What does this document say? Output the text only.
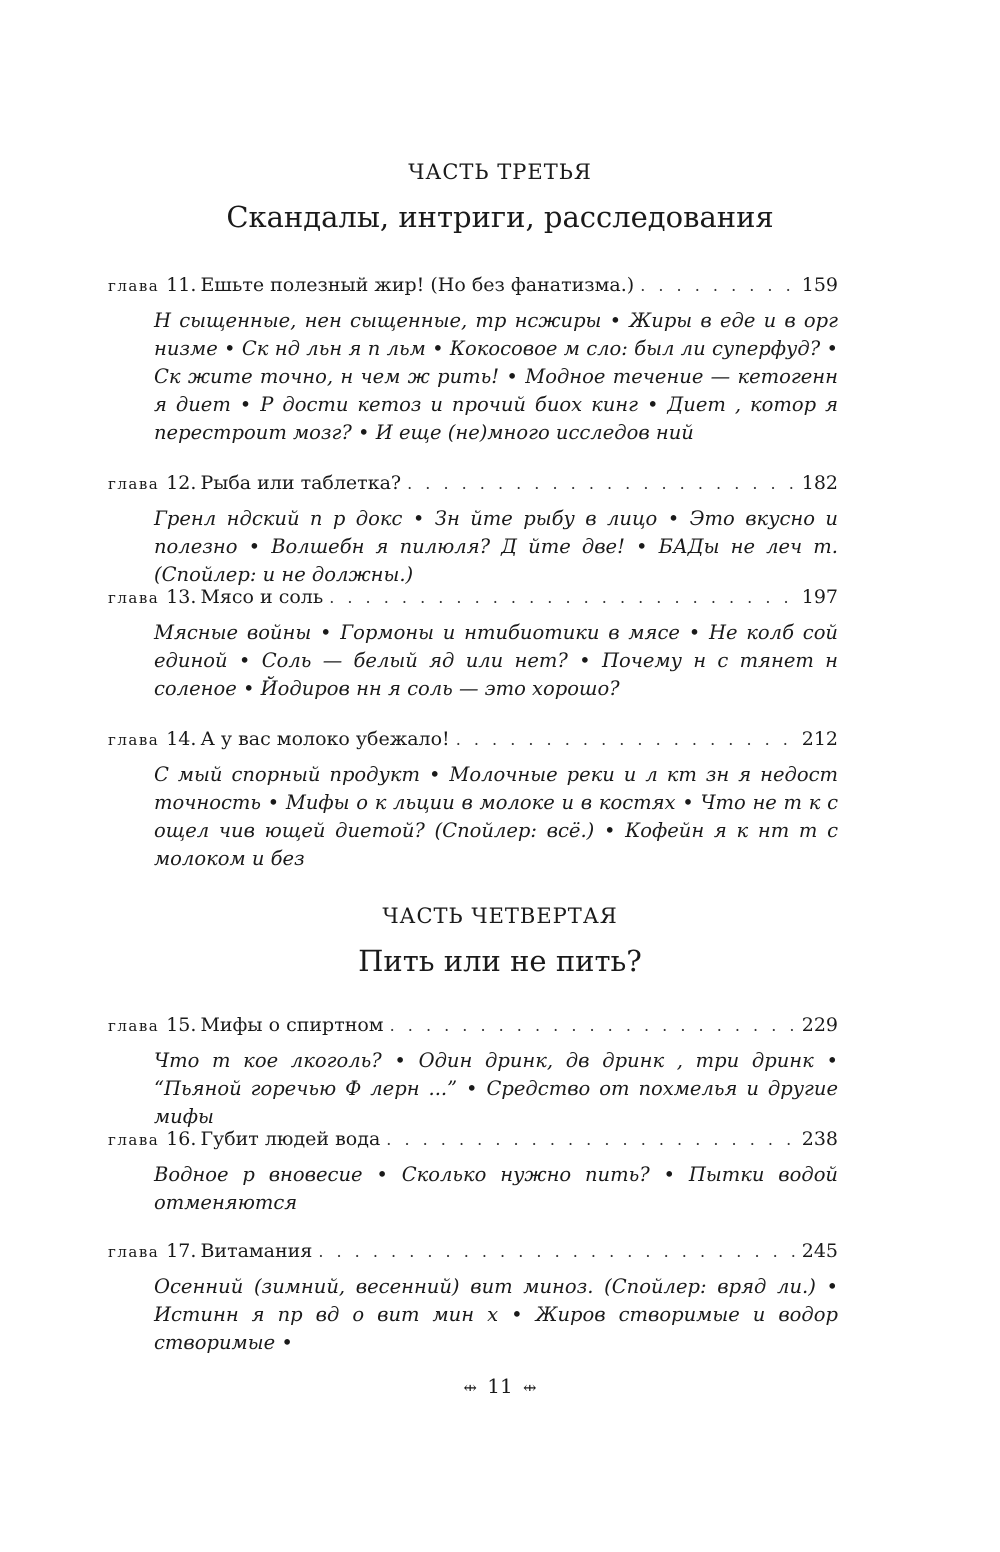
ЧАСТЬ ТРЕТЬЯ
Скандалы, интриги, расследования
глава 11. Ешьте полезный жир! (Но без фанатизма.) . . .	159
Н сыщенные, нен сыщенные, тр нсжиры • Жиры в еде и в орг низме • Ск нд льн я п льм • Кокосовое м сло: был ли суперфуд? • Ск жите точно, н чем ж рить! • Модное течение — кетогенн я диет • Р дости кетоз и прочий биох кинг • Диет , котор я перестроит мозг? • И еще (не)много исследов ний
глава 12. Рыба или таблетка? . . .	182
Гренл ндский п р докс • Зн йте рыбу в лицо • Это вкусно и полезно • Волшебн я пилюля? Д йте две! • БАДы не леч т. (Спойлер: и не должны.)
глава 13. Мясо и соль . . .	197
Мясные войны • Гормоны и нтибиотики в мясе • Не колб сой единой • Соль — белый яд или нет? • Почему н с тянет н соленое • Йодиров нн я соль — это хорошо?
глава 14. А у вас молоко убежало! . . .	212
С мый спорный продукт • Молочные реки и л кт зн я недост точность • Мифы о к льции в молоке и в костях • Что не т к с ощел чив ющей диетой? (Спойлер: всё.) • Кофейн я к нт т с молоком и без
ЧАСТЬ ЧЕТВЕРТАЯ
Пить или не пить?
глава 15. Мифы о спиртном . . .	229
Что т кое лкоголь? • Один дринк, дв дринк , три дринк • “Пьяной горечью Ф лерн ...” • Средство от похмелья и другие мифы
глава 16. Губит людей вода . . .	238
Водное р вновесие • Сколько нужно пить? • Пытки водой отменяются
глава 17. Витамания . . .	245
Осенний (зимний, весенний) вит миноз. (Спойлер: вряд ли.) • Истинн я пр вд о вит мин х • Жиров створимые и водор створимые •
⇹ 11 ⇹
